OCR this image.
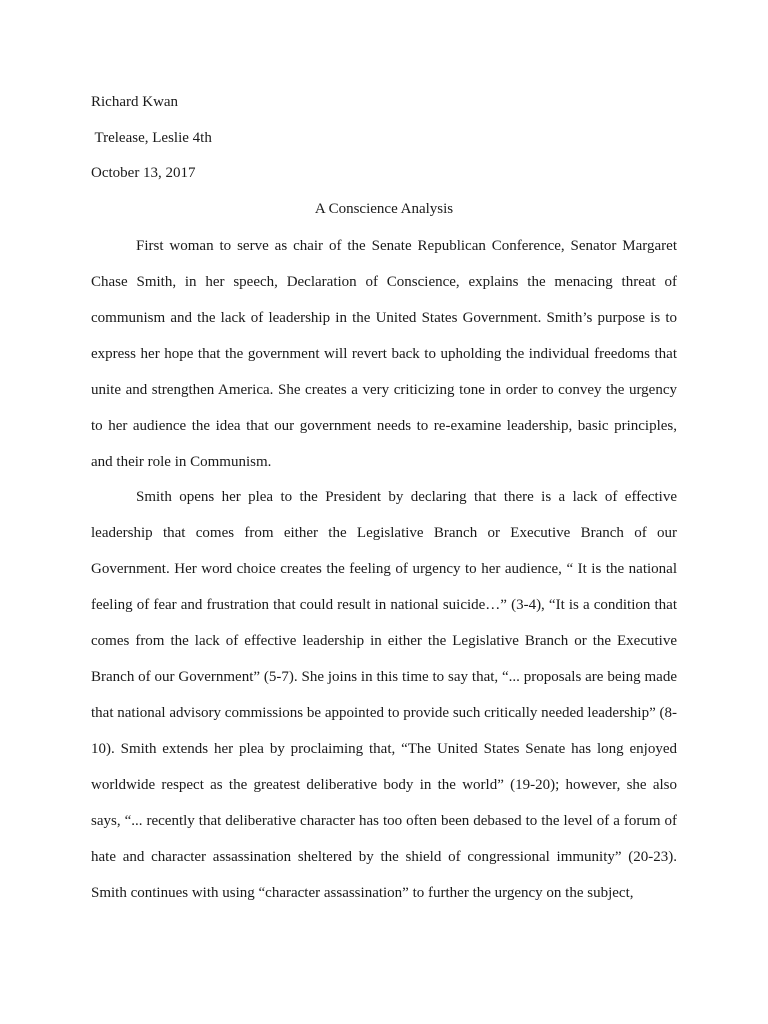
Richard Kwan
Trelease, Leslie 4th
October 13, 2017
A Conscience Analysis

First woman to serve as chair of the Senate Republican Conference, Senator Margaret Chase Smith, in her speech, Declaration of Conscience, explains the menacing threat of communism and the lack of leadership in the United States Government. Smith’s purpose is to express her hope that the government will revert back to upholding the individual freedoms that unite and strengthen America. She creates a very criticizing tone in order to convey the urgency to her audience the idea that our government needs to re-examine leadership, basic principles, and their role in Communism.

Smith opens her plea to the President by declaring that there is a lack of effective leadership that comes from either the Legislative Branch or Executive Branch of our Government. Her word choice creates the feeling of urgency to her audience, “ It is the national feeling of fear and frustration that could result in national suicide…” (3-4), “It is a condition that comes from the lack of effective leadership in either the Legislative Branch or the Executive Branch of our Government” (5-7). She joins in this time to say that, “... proposals are being made that national advisory commissions be appointed to provide such critically needed leadership” (8-10). Smith extends her plea by proclaiming that, “The United States Senate has long enjoyed worldwide respect as the greatest deliberative body in the world” (19-20); however, she also says, “... recently that deliberative character has too often been debased to the level of a forum of hate and character assassination sheltered by the shield of congressional immunity” (20-23). Smith continues with using “character assassination” to further the urgency on the subject,
